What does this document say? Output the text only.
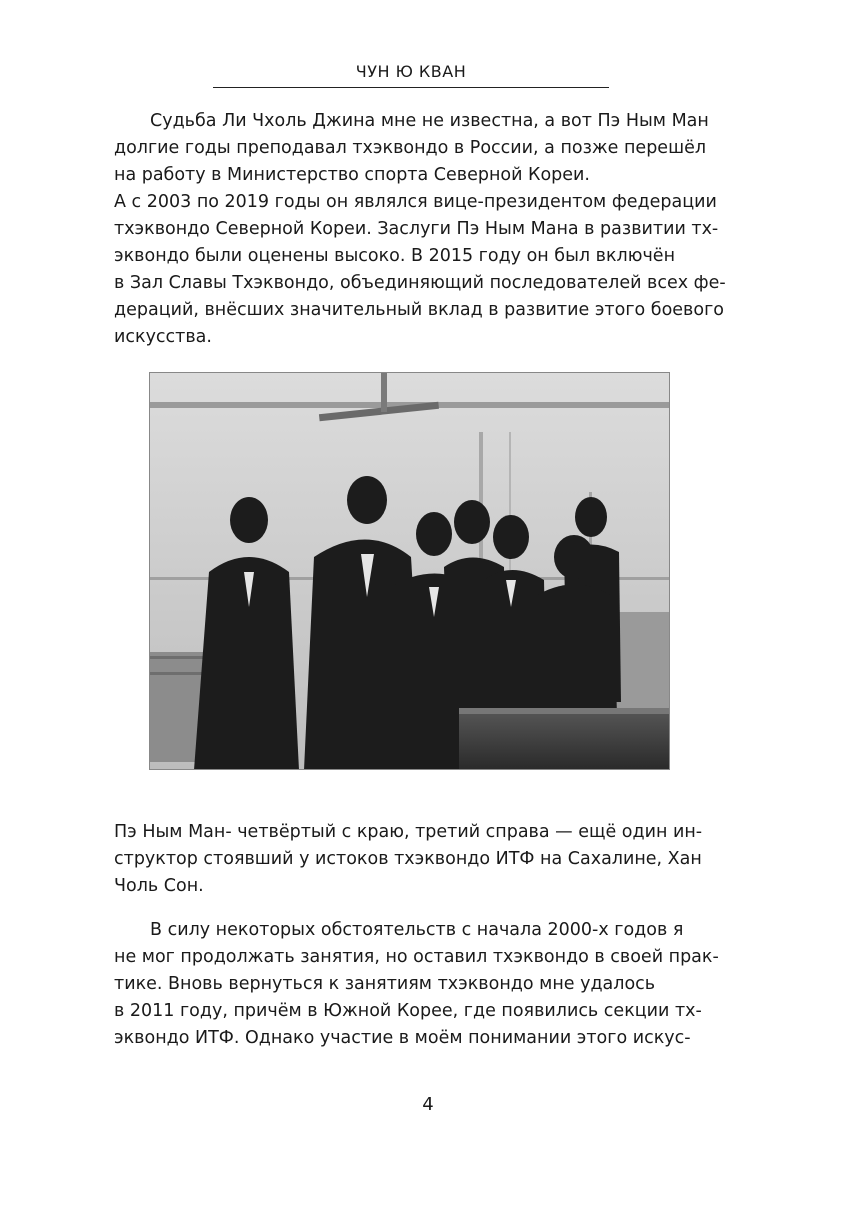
ЧУН Ю КВАН

Судьба Ли Чхоль Джина мне не известна, а вот Пэ Ным Ман
долгие годы преподавал тхэквондо в России, а позже перешёл
на работу в Министерство спорта Северной Кореи.
А с 2003 по 2019 годы он являлся вице-президентом федерации
тхэквондо Северной Кореи. Заслуги Пэ Ным Мана в развитии тх-
эквондо были оценены высоко. В 2015 году он был включён
в Зал Славы Тхэквондо, объединяющий последователей всех фе-
дераций, внёсших значительный вклад в развитие этого боевого
искусства.

Пэ Ным Ман- четвёртый с краю, третий справа — ещё один ин-
структор стоявший у истоков тхэквондо ИТФ на Сахалине, Хан
Чоль Сон.

В силу некоторых обстоятельств с начала 2000-х годов я
не мог продолжать занятия, но оставил тхэквондо в своей прак-
тике. Вновь вернуться к занятиям тхэквондо мне удалось
в 2011 году, причём в Южной Корее, где появились секции тх-
эквондо ИТФ. Однако участие в моём понимании этого искус-

4
